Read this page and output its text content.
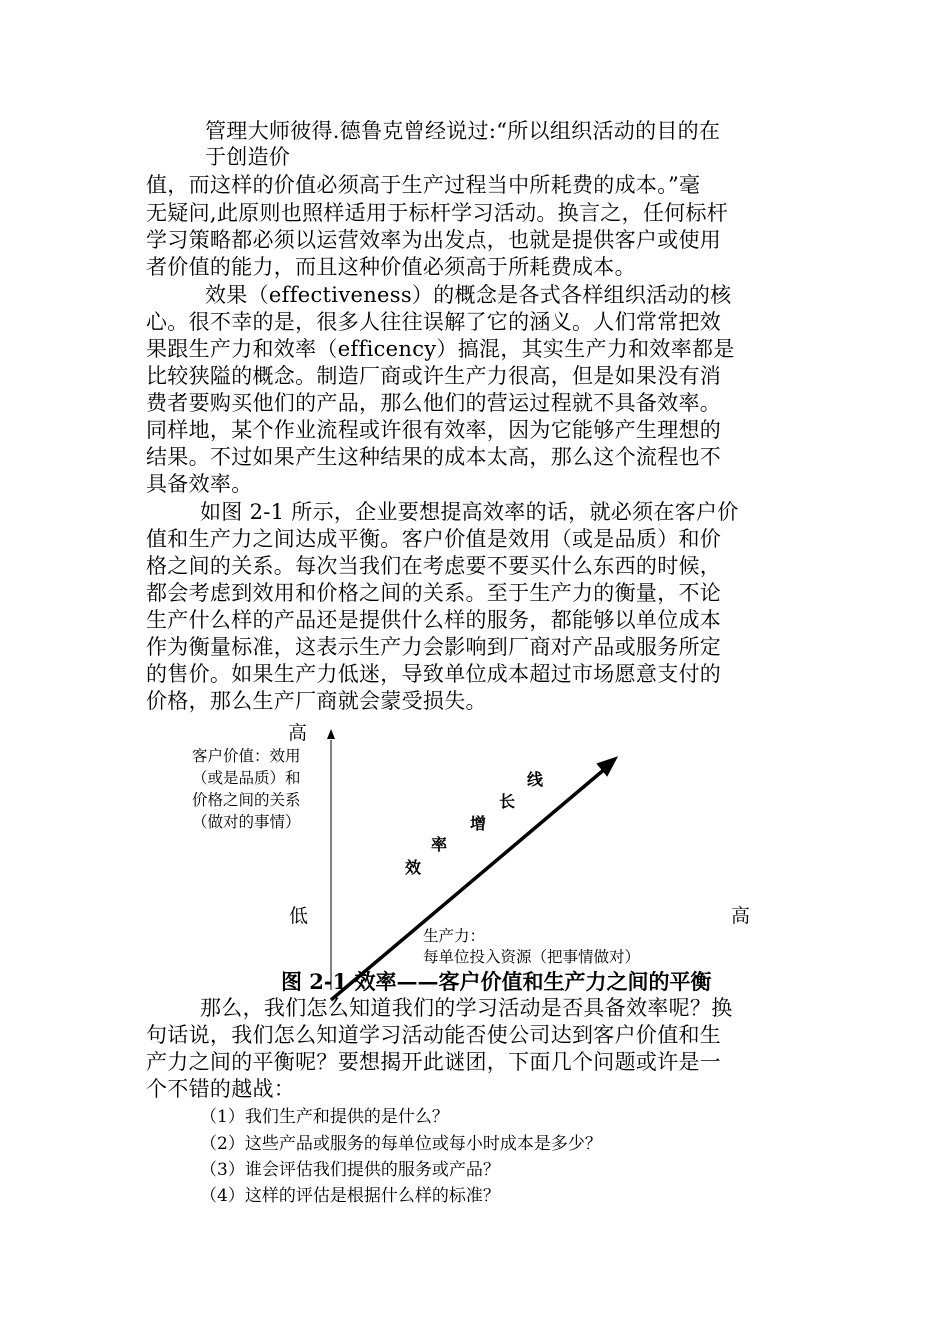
管理大师彼得.德鲁克曾经说过:“所以组织活动的目的在
于创造价
值，而这样的价值必须高于生产过程当中所耗费的成本。”毫
无疑问,此原则也照样适用于标杆学习活动。换言之，任何标杆
学习策略都必须以运营效率为出发点，也就是提供客户或使用
者价值的能力，而且这种价值必须高于所耗费成本。
效果（effectiveness）的概念是各式各样组织活动的核
心。很不幸的是，很多人往往误解了它的涵义。人们常常把效
果跟生产力和效率（efficency）搞混，其实生产力和效率都是
比较狭隘的概念。制造厂商或许生产力很高，但是如果没有消
费者要购买他们的产品，那么他们的营运过程就不具备效率。
同样地，某个作业流程或许很有效率，因为它能够产生理想的
结果。不过如果产生这种结果的成本太高，那么这个流程也不
具备效率。
如图 2-1 所示，企业要想提高效率的话，就必须在客户价
值和生产力之间达成平衡。客户价值是效用（或是品质）和价
格之间的关系。每次当我们在考虑要不要买什么东西的时候，
都会考虑到效用和价格之间的关系。至于生产力的衡量，不论
生产什么样的产品还是提供什么样的服务，都能够以单位成本
作为衡量标准，这表示生产力会影响到厂商对产品或服务所定
的售价。如果生产力低迷，导致单位成本超过市场愿意支付的
价格，那么生产厂商就会蒙受损失。
高
低	高
客户价值：效用
（或是品质）和
价格之间的关系
（做对的事情）
生产力：
每单位投入资源（把事情做对）
效
率
增
长
线
图 2-1 效率——客户价值和生产力之间的平衡
那么，我们怎么知道我们的学习活动是否具备效率呢？换
句话说，我们怎么知道学习活动能否使公司达到客户价值和生
产力之间的平衡呢？要想揭开此谜团，下面几个问题或许是一
个不错的越战：
（1）我们生产和提供的是什么？
（2）这些产品或服务的每单位或每小时成本是多少？
（3）谁会评估我们提供的服务或产品？
（4）这样的评估是根据什么样的标准？
